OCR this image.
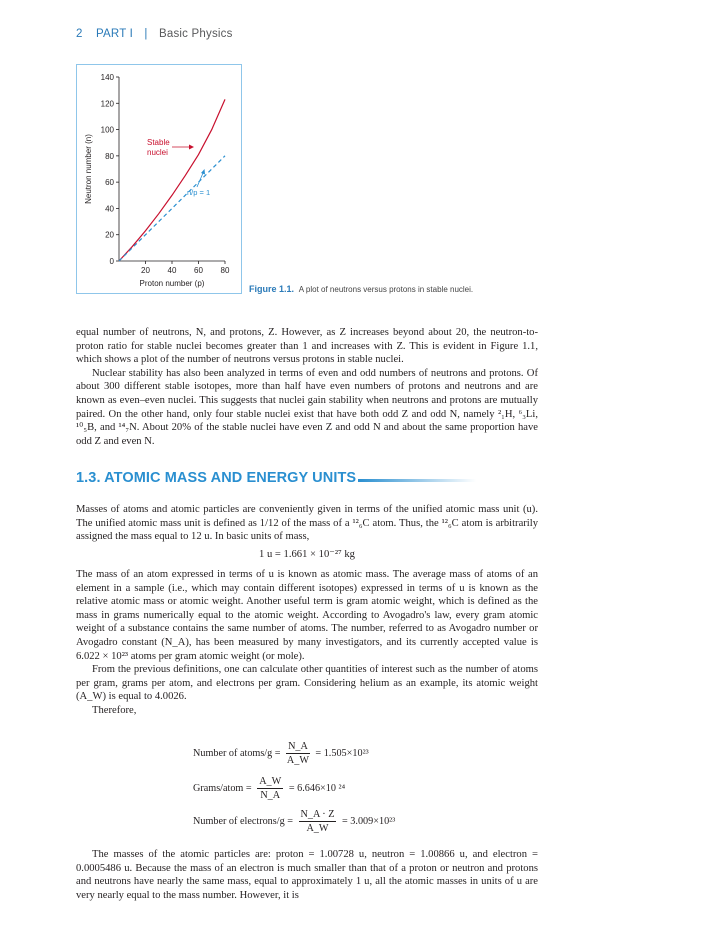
2 PART I | Basic Physics
0
20
40
60
80
100
120
140
20 40 60 80
Proton number (p)
Neutron number (n)	Stable
nuclei
n/p = 1
Figure 1.1. A plot of neutrons versus protons in stable nuclei.

equal number of neutrons, N, and protons, Z. However, as Z increases beyond about 20, the neutron-to-proton ratio for stable nuclei becomes greater than 1 and increases with Z. This is evident in Figure 1.1, which shows a plot of the number of neutrons versus protons in stable nuclei.

Nuclear stability has also been analyzed in terms of even and odd numbers of neutrons and protons. Of about 300 different stable isotopes, more than half have even numbers of protons and neutrons and are known as even–even nuclei. This suggests that nuclei gain stability when neutrons and protons are mutually paired. On the other hand, only four stable nuclei exist that have both odd Z and odd N, namely ²₁H, ⁶₃Li, ¹⁰₅B, and ¹⁴₇N. About 20% of the stable nuclei have even Z and odd N and about the same proportion have odd Z and even N.

1.3. ATOMIC MASS AND ENERGY UNITS

Masses of atoms and atomic particles are conveniently given in terms of the unified atomic mass unit (u). The unified atomic mass unit is defined as 1/12 of the mass of a ¹²₆C atom. Thus, the ¹²₆C atom is arbitrarily assigned the mass equal to 12 u. In basic units of mass,

1 u = 1.661 × 10⁻²⁷ kg

The mass of an atom expressed in terms of u is known as atomic mass. The average mass of atoms of an element in a sample (i.e., which may contain different isotopes) expressed in terms of u is known as the relative atomic mass or atomic weight. Another useful term is gram atomic weight, which is defined as the mass in grams numerically equal to the atomic weight. According to Avogadro's law, every gram atomic weight of a substance contains the same number of atoms. The number, referred to as Avogadro number or Avogadro constant (N_A), has been measured by many investigators, and its currently accepted value is 6.022 × 10²³ atoms per gram atomic weight (or mole).

From the previous definitions, one can calculate other quantities of interest such as the number of atoms per gram, grams per atom, and electrons per gram. Considering helium as an example, its atomic weight (A_W) is equal to 4.0026.

Therefore,

Number of atoms/g = $\frac{N\_A}{A\_W} = 1.505\times 10^{23}$
Grams/atom = $\frac{A\_W}{N\_A} = 6.646\times 10$ ²⁴
Number of electrons/g = $\frac{N\_A \cdot Z}{A\_W} = 3.009\times 10^{23}$

The masses of the atomic particles are: proton = 1.00728 u, neutron = 1.00866 u, and electron = 0.0005486 u. Because the mass of an electron is much smaller than that of a proton or neutron and protons and neutrons have nearly the same mass, equal to approximately 1 u, all the atomic masses in units of u are very nearly equal to the mass number. However, it is
